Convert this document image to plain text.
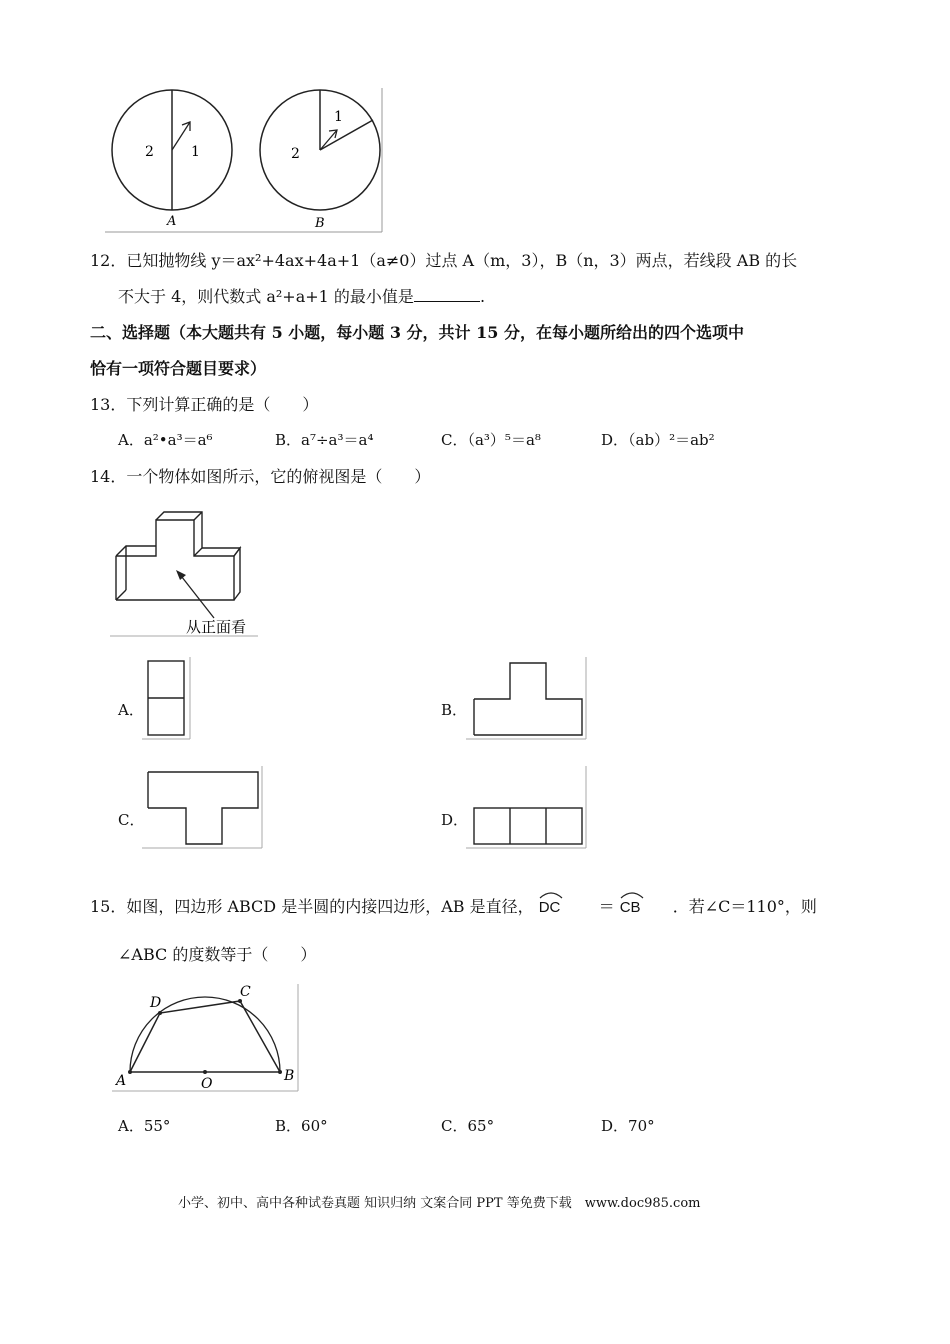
2	1
A
2
1
B
12．已知抛物线 y＝ax²+4ax+4a+1（a≠0）过点 A（m，3），B（n，3）两点，若线段 AB 的长
不大于 4，则代数式 a²+a+1 的最小值是	.
二、选择题（本大题共有 5 小题，每小题 3 分，共计 15 分，在每小题所给出的四个选项中
恰有一项符合题目要求）
13．下列计算正确的是（　　）
A．a²•a³＝a⁶	B．a⁷÷a³＝a⁴	C．（a³）⁵＝a⁸	D．（ab）²＝ab²
14．一个物体如图所示，它的俯视图是（　　）
从正面看
A．	B．
C．	D．
15．如图，四边形 ABCD 是半圆的内接四边形，AB 是直径， DC ＝ CB ．若∠C＝110°，则
∠ABC 的度数等于（　　）
D
C
A	O	B
A．55°	B．60°	C．65°	D．70°
小学、初中、高中各种试卷真题 知识归纳 文案合同 PPT 等免费下载　www.doc985.com
